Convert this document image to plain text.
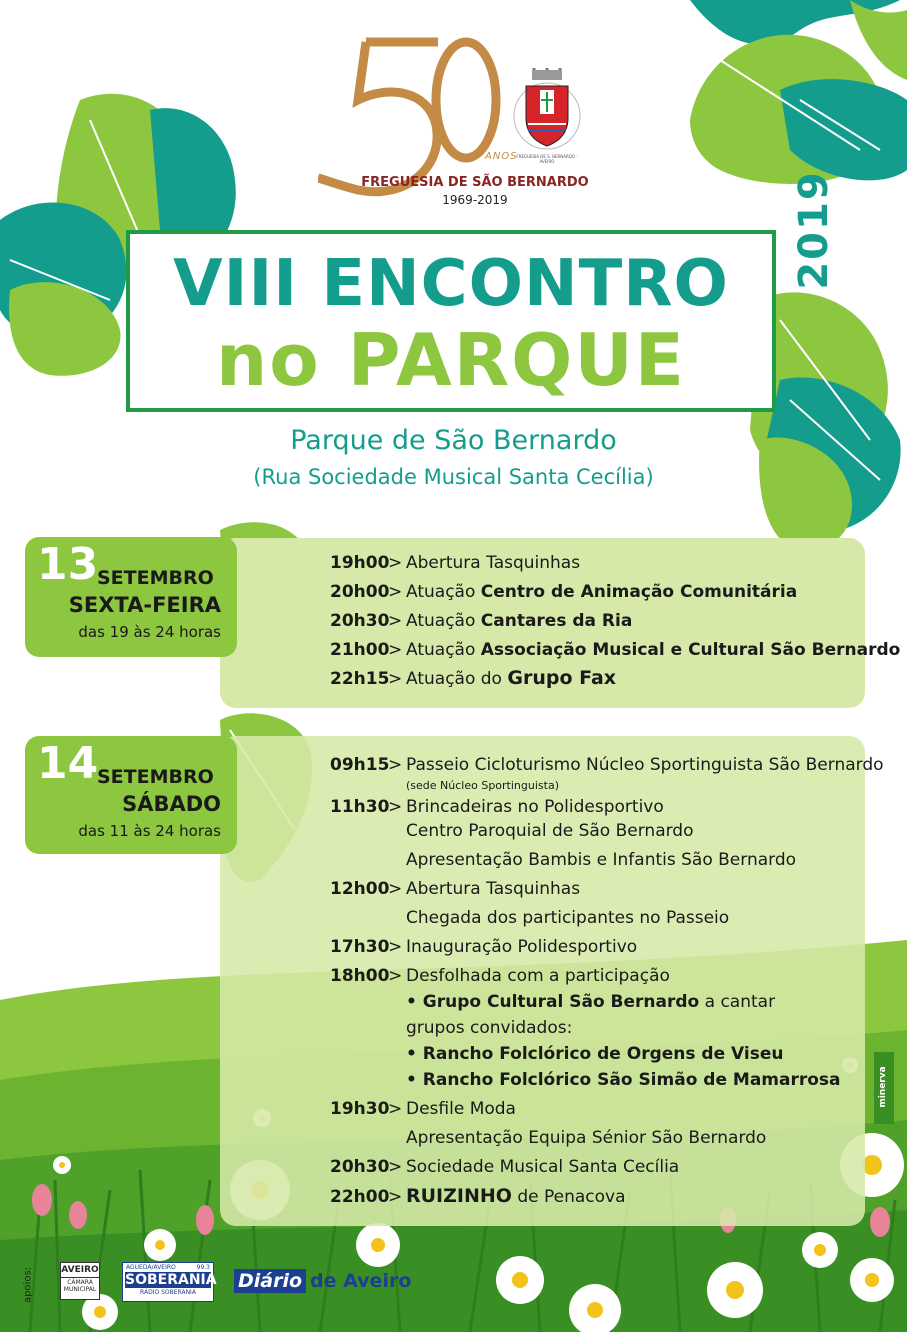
ANOS
FREGUESIA DE SÃO BERNARDO
1969-2019
FREGUESIA DE S. BERNARDO · AVEIRO
2019
VIII ENCONTRO
no PARQUE
Parque de São Bernardo
(Rua Sociedade Musical Santa Cecília)
13
SETEMBRO
SEXTA-FEIRA
das 19 às 24 horas
19h00> Abertura Tasquinhas
20h00> Atuação Centro de Animação Comunitária
20h30> Atuação Cantares da Ria
21h00> Atuação Associação Musical e Cultural São Bernardo
22h15> Atuação do Grupo Fax
14
SETEMBRO
SÁBADO
das 11 às 24 horas
09h15> Passeio Cicloturismo Núcleo Sportinguista São Bernardo
(sede Núcleo Sportinguista)
11h30> Brincadeiras no Polidesportivo
Centro Paroquial de São Bernardo
Apresentação Bambis e Infantis São Bernardo
12h00> Abertura Tasquinhas
Chegada dos participantes no Passeio
17h30> Inauguração Polidesportivo
18h00> Desfolhada com a participação
• Grupo Cultural São Bernardo a cantar
grupos convidados:
• Rancho Folclórico de Orgens de Viseu
• Rancho Folclórico São Simão de Mamarrosa
19h30> Desfile Moda
Apresentação Equipa Sénior São Bernardo
20h30> Sociedade Musical Santa Cecília
22h00> RUIZINHO de Penacova
apoios:	AVEIRO
CÂMARA
MUNICIPAL
AGUEDA/AVEIRO	99.3
SOBERANIA
RÁDIO SOBERANIA
Diário de Aveiro
minerva
